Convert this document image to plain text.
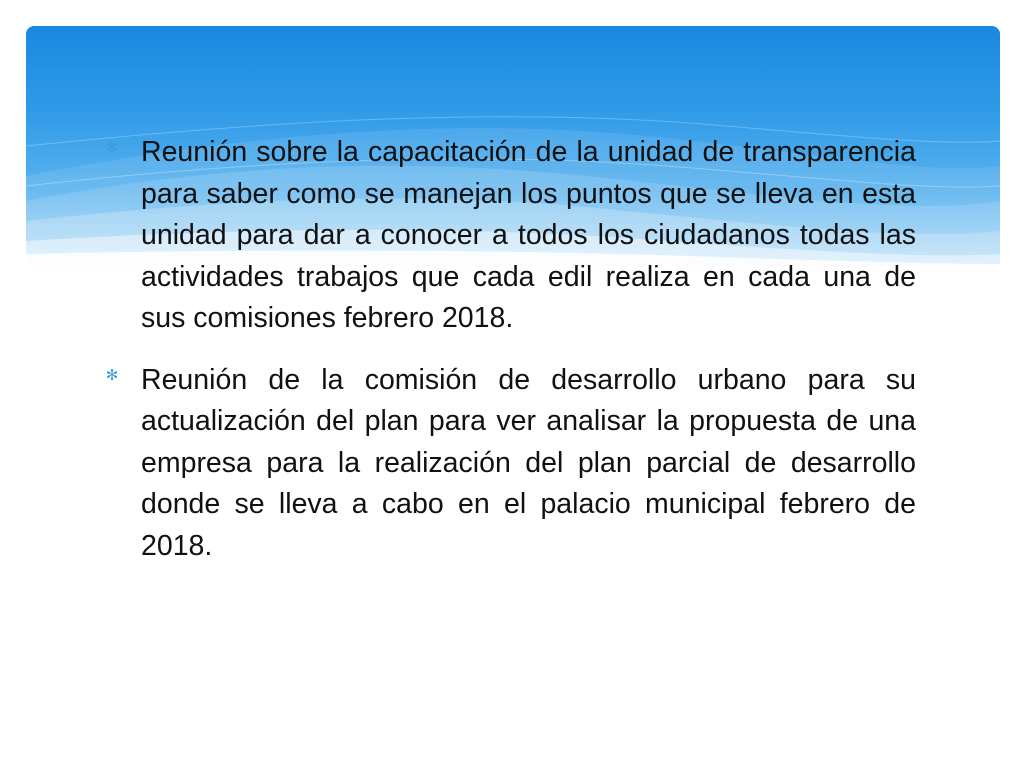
✻ Reunión sobre la capacitación de la unidad de transparencia para saber como se manejan los puntos que se lleva en esta unidad para dar a conocer a todos los ciudadanos todas las actividades trabajos que cada edil realiza en cada una de sus comisiones febrero 2018.

✻ Reunión de la comisión de desarrollo urbano para su actualización del plan para ver analisar la propuesta de una empresa para la realización del plan parcial de desarrollo donde se lleva a cabo en el palacio municipal febrero de 2018.
